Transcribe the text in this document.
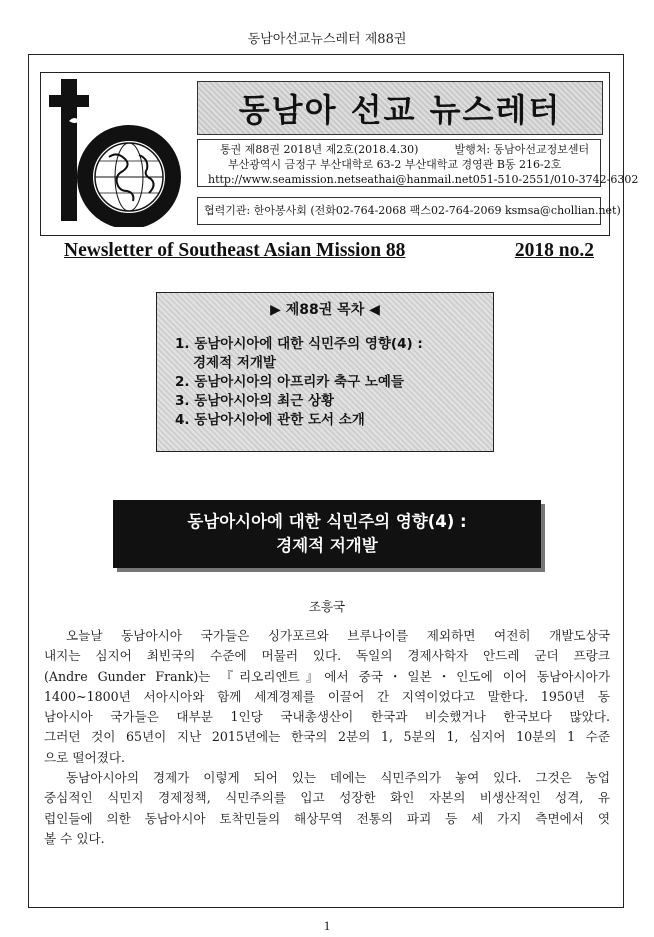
동남아선교뉴스레터 제88권
동남아 선교 뉴스레터
통권 제88권 2018년 제2호(2018.4.30)	발행처: 동남아선교정보센터
부산광역시 금정구 부산대학로 63-2 부산대학교 경영관 B동 216-2호
http://www.seamission.net seathai@hanmail.net 051-510-2551/010-3742-6302
협력기관: 한아봉사회 (전화02-764-2068 팩스02-764-2069 ksmsa@chollian.net)
Newsletter of Southeast Asian Mission 88	2018 no.2
▶ 제88권 목차 ◀
1. 동남아시아에 대한 식민주의 영향(4) :
경제적 저개발
2. 동남아시아의 아프리카 축구 노예들
3. 동남아시아의 최근 상황
4. 동남아시아에 관한 도서 소개
동남아시아에 대한 식민주의 영향(4) :
경제적 저개발
조흥국

오늘날 동남아시아 국가들은 싱가포르와 브루나이를 제외하면 여전히 개발도상국
내지는 심지어 최빈국의 수준에 머물러 있다. 독일의 경제사학자 안드레 군더 프랑크
(Andre Gunder Frank)는 『리오리엔트』에서 중국・일본・인도에 이어 동남아시아가
1400~1800년 서아시아와 함께 세계경제를 이끌어 간 지역이었다고 말한다. 1950년 동
남아시아 국가들은 대부분 1인당 국내총생산이 한국과 비슷했거나 한국보다 많았다.
그러던 것이 65년이 지난 2015년에는 한국의 2분의 1, 5분의 1, 심지어 10분의 1 수준
으로 떨어졌다.

동남아시아의 경제가 이렇게 되어 있는 데에는 식민주의가 놓여 있다. 그것은 농업
중심적인 식민지 경제정책, 식민주의를 입고 성장한 화인 자본의 비생산적인 성격, 유
럽인들에 의한 동남아시아 토착민들의 해상무역 전통의 파괴 등 세 가지 측면에서 엿
볼 수 있다.

1
